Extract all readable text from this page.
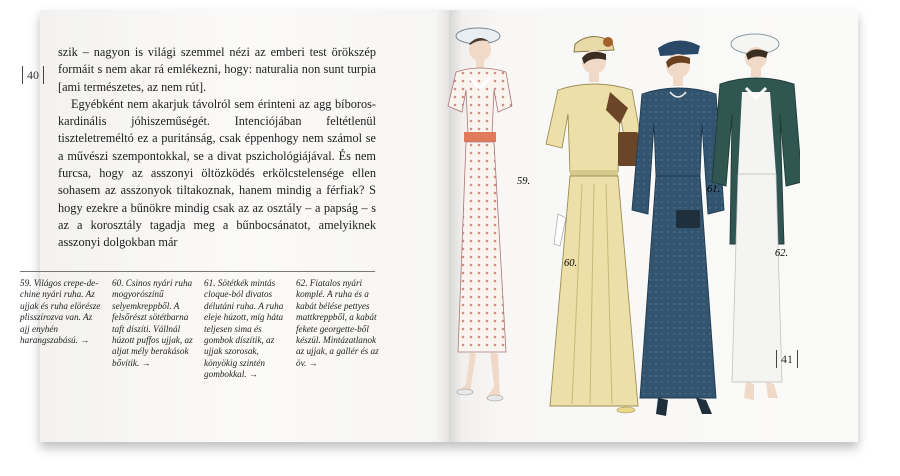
40

szik – nagyon is világi szemmel nézi az emberi test örökszép formáit s nem akar rá emlékezni, hogy: naturalia non sunt turpia [ami természetes, az nem rút].

Egyébként nem akarjuk távolról sem érinteni az agg bíboros-kardinális jóhiszeműségét. Intenciójában feltétlenül tiszteletreméltó ez a puritánság, csak éppenhogy nem számol se a művészi szempontokkal, se a divat pszichológiájával. És nem furcsa, hogy az asszonyi öltözködés erkölcstelensége ellen sohasem az asszonyok tiltakoznak, hanem mindig a férfiak? S hogy ezekre a bűnökre mindig csak az az osztály – a papság – s az a korosztály tagadja meg a bűnbocsánatot, amelyiknek asszonyi dolgokban már

59. Világos crepe-de-chine nyári ruha. Az ujjak és ruha elörésze plisszírozva van. Az ajj enyhén harangszabású. →
60. Csinos nyári ruha mogyorószínű selyemkreppből. A felsőrészt sötétbarna taft díszíti. Vállnál húzott puffos ujjak, az aljat mély berakások bővítik. →
61. Sötétkék mintás cloque-ból divatos délutáni ruha. A ruha eleje húzott, míg háta teljesen sima és gombok díszítik, az ujjak szorosak, könyökig szintén gombokkal. →
62. Fiatalos nyári komplé. A ruha és a kabát bélése pettyes mattkreppből, a kabát fekete georgette-ből készül. Mintázatlanok az ujjak, a gallér és az öv. →
59.
60.
61.
62.
41
